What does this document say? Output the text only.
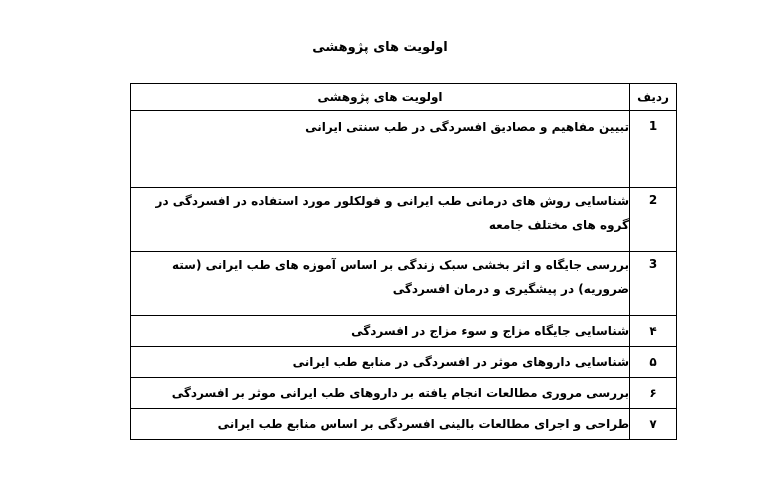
اولویت های پژوهشی
ردیف	اولویت های پژوهشی
1	تبیین مفاهیم و مصادیق افسردگی در طب سنتی ایرانی
2	شناسایی روش های درمانی طب ایرانی و فولکلور مورد استفاده در افسردگی در گروه های مختلف جامعه
3	بررسی جایگاه و اثر بخشی سبک زندگی بر اساس آموزه های طب ایرانی (سته ضروریه) در پیشگیری و درمان افسردگی
۴	شناسایی جایگاه مزاج و سوء مزاج در افسردگی
۵	شناسایی داروهای موثر در افسردگی در منابع طب ایرانی
۶	بررسی مروری مطالعات انجام یافته بر داروهای طب ایرانی موثر بر افسردگی
۷	طراحی و اجرای مطالعات بالینی افسردگی بر اساس منابع طب ایرانی
